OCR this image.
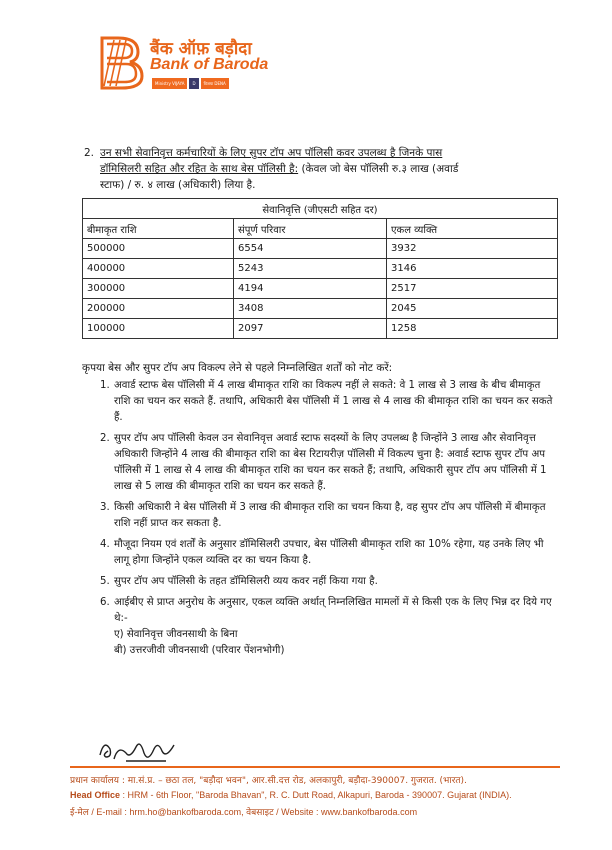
बैंक ऑफ़ बड़ौदा
Bank of Baroda
Ministry VIJAYA	D	विजया DENA
2. उन सभी सेवानिवृत्त कर्मचारियों के लिए सुपर टॉप अप पॉलिसी कवर उपलब्ध है जिनके पास
डॉमिसिलरी सहित और रहित के साथ बेस पॉलिसी है: (केवल जो बेस पॉलिसी रु.३ लाख (अवार्ड
स्टाफ) / रु. ४ लाख (अधिकारी) लिया है.
सेवानिवृत्ति (जीएसटी सहित दर)		
बीमाकृत राशि	संपूर्ण परिवार	एकल व्यक्ति
500000	6554	3932
400000	5243	3146
300000	4194	2517
200000	3408	2045
100000	2097	1258
कृपया बेस और सुपर टॉप अप विकल्प लेने से पहले निम्नलिखित शर्तों को नोट करें:
1. अवार्ड स्टाफ बेस पॉलिसी में 4 लाख बीमाकृत राशि का विकल्प नहीं ले सकते: वे 1 लाख से 3 लाख के बीच बीमाकृत राशि का चयन कर सकते हैं. तथापि, अधिकारी बेस पॉलिसी में 1 लाख से 4 लाख की बीमाकृत राशि का चयन कर सकते हैं.
2. सुपर टॉप अप पॉलिसी केवल उन सेवानिवृत्त अवार्ड स्टाफ सदस्यों के लिए उपलब्ध है जिन्होंने 3 लाख और सेवानिवृत्त अधिकारी जिन्होंने 4 लाख की बीमाकृत राशि का बेस रिटायरीज़ पॉलिसी में विकल्प चुना है: अवार्ड स्टाफ सुपर टॉप अप पॉलिसी में 1 लाख से 4 लाख की बीमाकृत राशि का चयन कर सकते हैं; तथापि, अधिकारी सुपर टॉप अप पॉलिसी में 1 लाख से 5 लाख की बीमाकृत राशि का चयन कर सकते हैं.
3. किसी अधिकारी ने बेस पॉलिसी में 3 लाख की बीमाकृत राशि का चयन किया है, वह सुपर टॉप अप पॉलिसी में बीमाकृत राशि नहीं प्राप्त कर सकता है.
4. मौजूदा नियम एवं शर्तों के अनुसार डॉमिसिलरी उपचार, बेस पॉलिसी बीमाकृत राशि का 10% रहेगा, यह उनके लिए भी लागू होगा जिन्होंने एकल व्यक्ति दर का चयन किया है.
5. सुपर टॉप अप पॉलिसी के तहत डॉमिसिलरी व्यय कवर नहीं किया गया है.
6. आईबीए से प्राप्त अनुरोध के अनुसार, एकल व्यक्ति अर्थात् निम्नलिखित मामलों में से किसी एक के लिए भिन्न दर दिये गए थे:-
ए) सेवानिवृत्त जीवनसाथी के बिना
बी) उत्तरजीवी जीवनसाथी (परिवार पेंशनभोगी)
प्रधान कार्यालय : मा.सं.प्र. – छठा तल, "बड़ौदा भवन", आर.सी.दत्त रोड, अलकापुरी, बड़ौदा-390007. गुजरात. (भारत).
Head Office : HRM - 6th Floor, "Baroda Bhavan", R. C. Dutt Road, Alkapuri, Baroda - 390007. Gujarat (INDIA).
ई-मेल / E-mail : hrm.ho@bankofbaroda.com, वेबसाइट / Website : www.bankofbaroda.com
